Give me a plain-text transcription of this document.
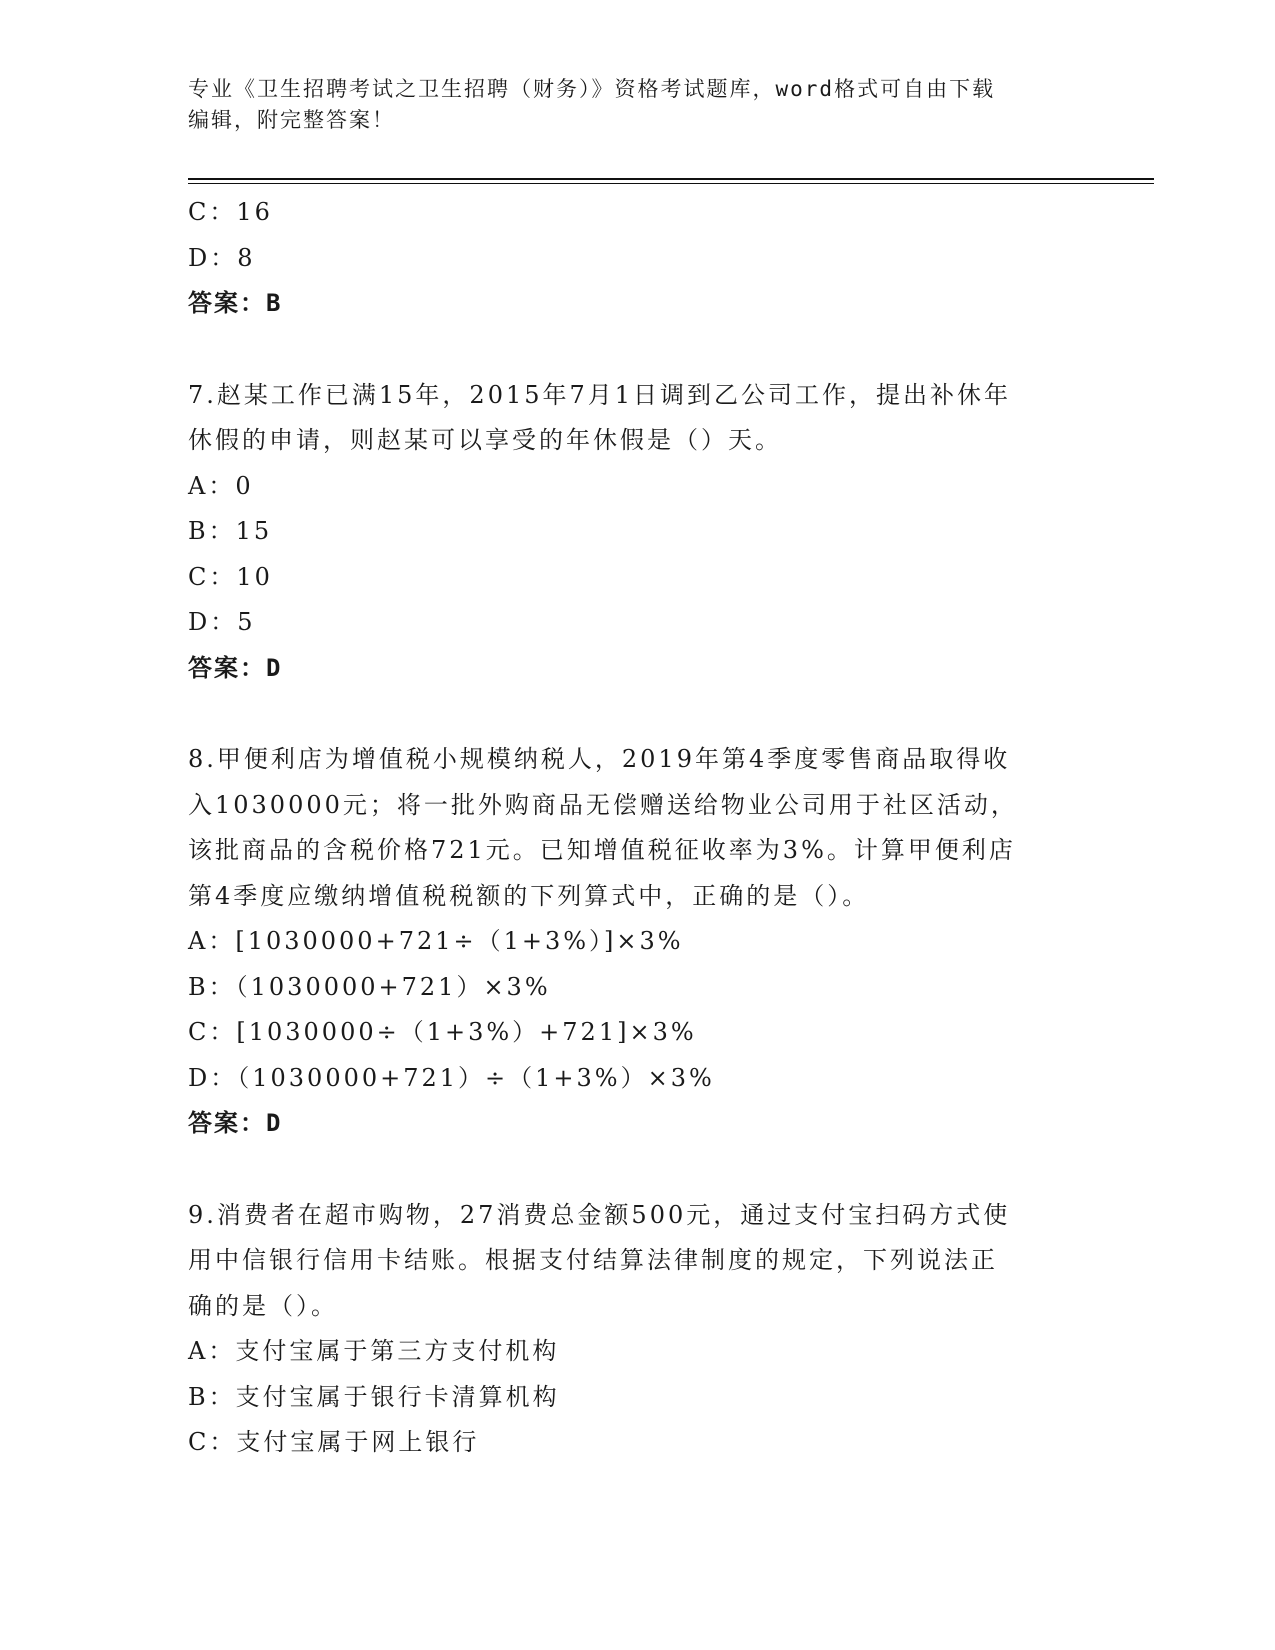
专业《卫生招聘考试之卫生招聘（财务）》资格考试题库，word格式可自由下载
编辑，附完整答案！
C：16
D：8
答案：B
7.赵某工作已满15年，2015年7月1日调到乙公司工作，提出补休年
休假的申请，则赵某可以享受的年休假是（）天。
A：0
B：15
C：10
D：5
答案：D
8.甲便利店为增值税小规模纳税人，2019年第4季度零售商品取得收
入1030000元；将一批外购商品无偿赠送给物业公司用于社区活动，
该批商品的含税价格721元。已知增值税征收率为3%。计算甲便利店
第4季度应缴纳增值税税额的下列算式中，正确的是（）。
A：[1030000+721÷（1+3%）]×3%
B：（1030000+721）×3%
C：[1030000÷（1+3%）+721]×3%
D：（1030000+721）÷（1+3%）×3%
答案：D
9.消费者在超市购物，27消费总金额500元，通过支付宝扫码方式使
用中信银行信用卡结账。根据支付结算法律制度的规定，下列说法正
确的是（）。
A：支付宝属于第三方支付机构
B：支付宝属于银行卡清算机构
C：支付宝属于网上银行
